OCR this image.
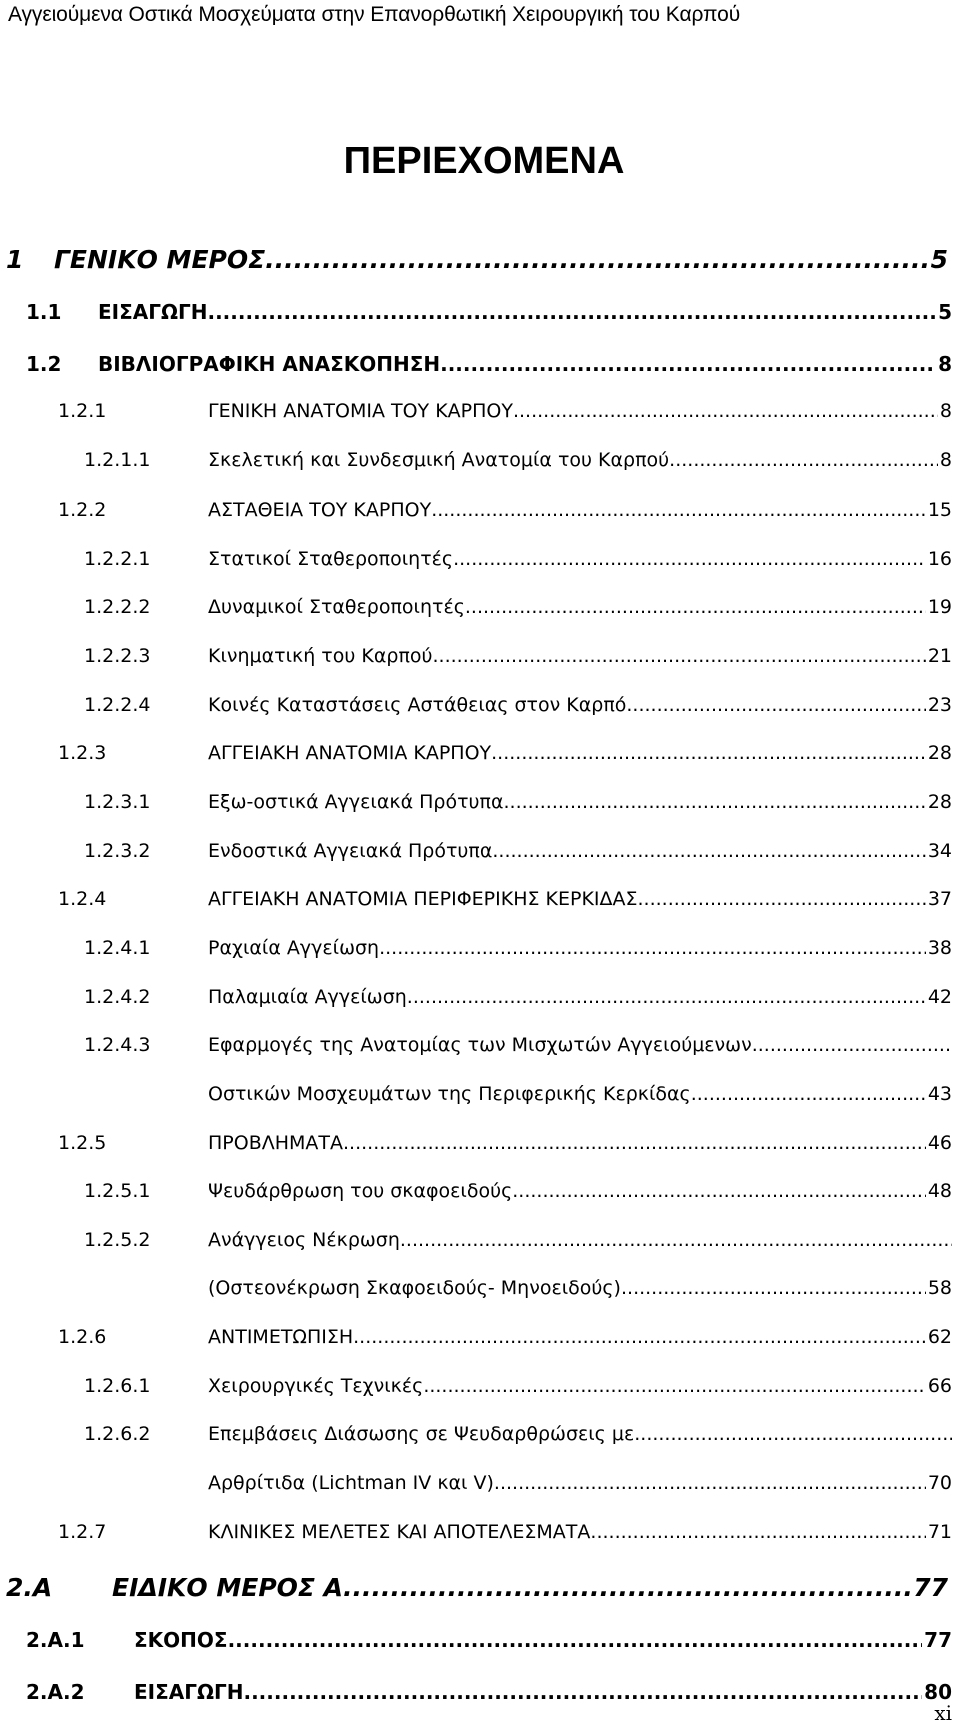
Αγγειούμενα Οστικά Μοσχεύματα στην Επανορθωτική Χειρουργική του Καρπού
ΠΕΡΙΕΧΟΜΕΝΑ
1	ΓΕΝΙΚΟ ΜΕΡΟΣ .....	5
1.1	ΕΙΣΑΓΩΓΗ .....	5
1.2	ΒΙΒΛΙΟΓΡΑΦΙΚΗ ΑΝΑΣΚΟΠΗΣΗ .....	8
1.2.1	ΓΕΝΙΚΗ ΑΝΑΤΟΜΙΑ ΤΟΥ ΚΑΡΠΟΥ .....	8
1.2.1.1	Σκελετική και Συνδεσμική Ανατομία του Καρπού .....	8
1.2.2	ΑΣΤΑΘΕΙΑ ΤΟΥ ΚΑΡΠΟΥ .....	15
1.2.2.1	Στατικοί Σταθεροποιητές .....	16
1.2.2.2	Δυναμικοί Σταθεροποιητές .....	19
1.2.2.3	Κινηματική του Καρπού .....	21
1.2.2.4	Κοινές Καταστάσεις Αστάθειας στον Καρπό .....	23
1.2.3	ΑΓΓΕΙΑΚΗ ΑΝΑΤΟΜΙΑ ΚΑΡΠΟΥ .....	28
1.2.3.1	Εξω-οστικά Αγγειακά Πρότυπα .....	28
1.2.3.2	Ενδοστικά Αγγειακά Πρότυπα .....	34
1.2.4	ΑΓΓΕΙΑΚΗ ΑΝΑΤΟΜΙΑ ΠΕΡΙΦΕΡΙΚΗΣ ΚΕΡΚΙΔΑΣ .....	37
1.2.4.1	Ραχιαία Αγγείωση .....	38
1.2.4.2	Παλαμιαία Αγγείωση .....	42
1.2.4.3	Εφαρμογές της Ανατομίας των Μισχωτών Αγγειούμενων
.....
Οστικών Μοσχευμάτων της Περιφερικής Κερκίδας .....	43
1.2.5	ΠΡΟΒΛΗΜΑΤΑ .....	46
1.2.5.1	Ψευδάρθρωση του σκαφοειδούς .....	48
1.2.5.2	Ανάγγειος Νέκρωση
.....
(Οστεονέκρωση Σκαφοειδούς- Μηνοειδούς) .....	58
1.2.6	ΑΝΤΙΜΕΤΩΠΙΣΗ .....	62
1.2.6.1	Χειρουργικές Τεχνικές .....	66
1.2.6.2	Επεμβάσεις Διάσωσης σε Ψευδαρθρώσεις με
.....
Αρθρίτιδα (Lichtman IV και V) .....	70
1.2.7	ΚΛΙΝΙΚΕΣ ΜΕΛΕΤΕΣ ΚΑΙ ΑΠΟΤΕΛΕΣΜΑΤΑ .....	71
2.Α	ΕΙΔΙΚΟ ΜΕΡΟΣ Α .....	77
2.Α.1	ΣΚΟΠΟΣ .....	77
2.Α.2	ΕΙΣΑΓΩΓΗ .....	80
xi
